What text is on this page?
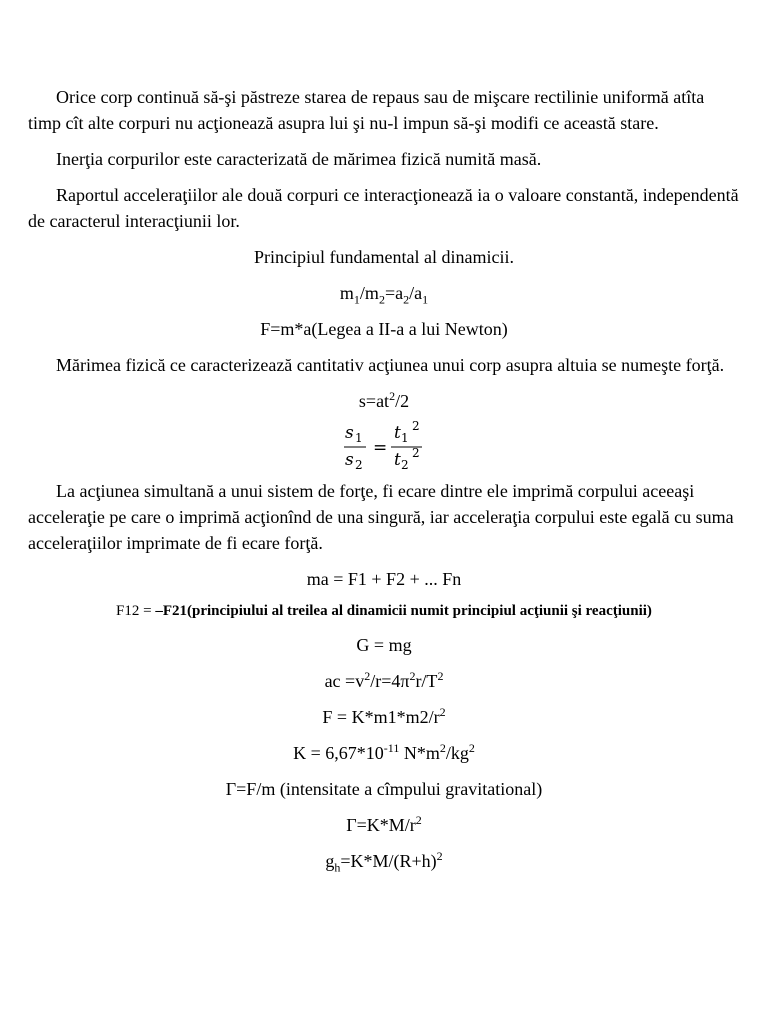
Orice corp continuă să-şi păstreze starea de repaus sau de mişcare rectilinie uniformă atîta timp cît alte corpuri nu acţionează asupra lui şi nu-l impun să-şi modifi ce această stare.

Inerţia corpurilor este caracterizată de mărimea fizică numită masă.

Raportul acceleraţiilor ale două corpuri ce interacţionează ia o valoare constantă, independentă de caracterul interacţiunii lor.

Principiul fundamental al dinamicii.

$m_1/m_2=a_2/a_1$

F=m*a(Legea a II-a a lui Newton)

Mărimea fizică ce caracterizează cantitativ acţiunea unui corp asupra altuia se numeşte forţă.

$s=at^2/2$

s 1
s 2
=
t 1
2
t 2
2

La acţiunea simultană a unui sistem de forţe, fi ecare dintre ele imprimă corpului aceeaşi acceleraţie pe care o imprimă acţionînd de una singură, iar acceleraţia corpului este egală cu suma acceleraţiilor imprimate de fi ecare forţă.

ma = F1 + F2 + ... Fn

F12 = –F21(principiului al treilea al dinamicii numit principiul acţiunii şi reacţiunii)

G = mg

ac $=v^2/r=4\pi^2r/T^2$

$F = K*m1*m2/r^2$

$K = 6,67*10^{-11}$ $N*m^2/kg^2$

Γ=F/m (intensitate a cîmpului gravitational)

$\Gamma=K*M/r^2$

$g_h=K*M/(R+h)^2$
